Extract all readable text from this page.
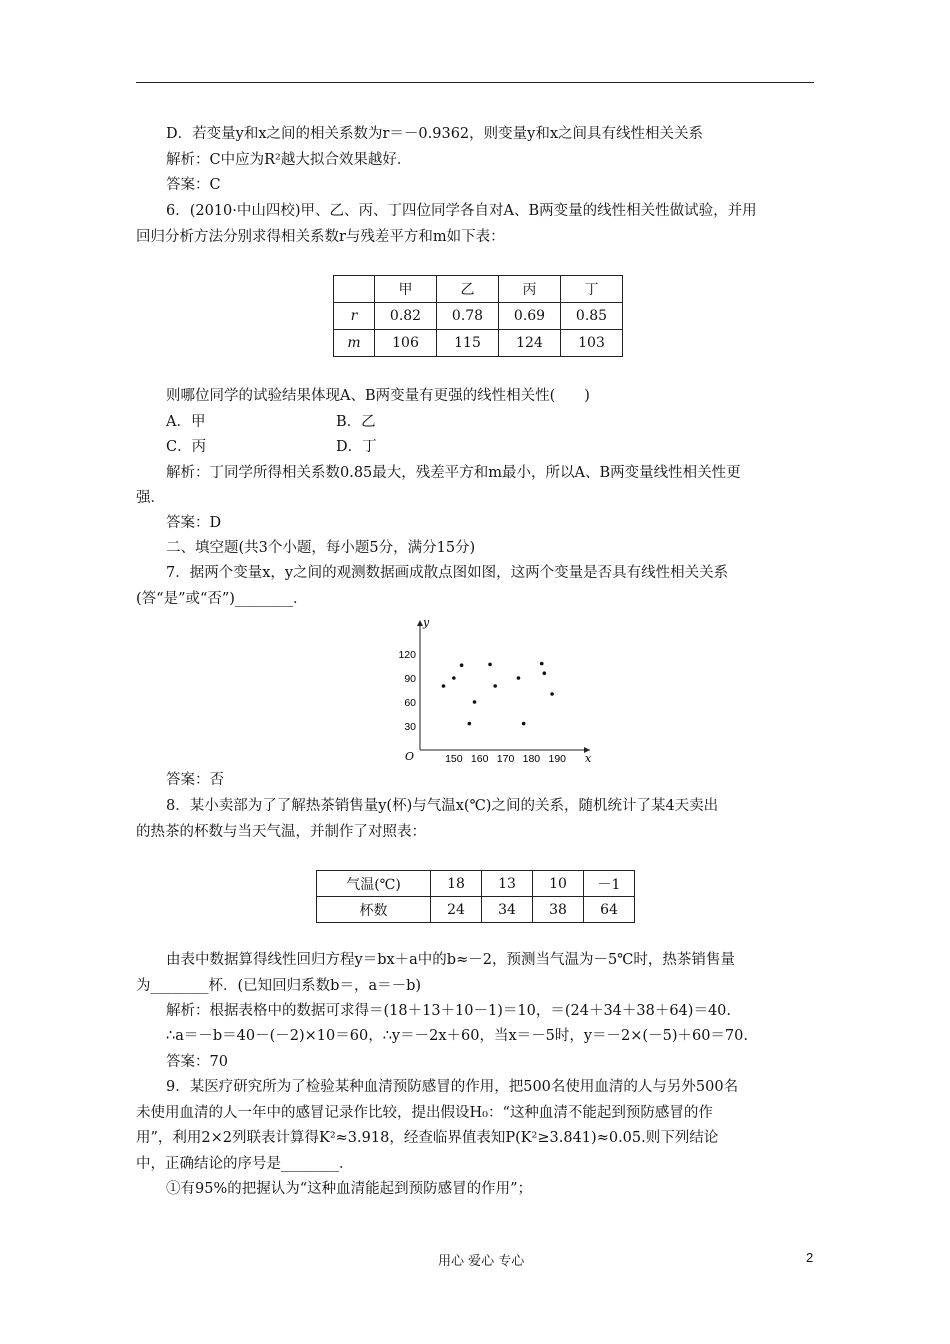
D．若变量y和x之间的相关系数为r＝－0.9362，则变量y和x之间具有线性相关关系
解析：C中应为R²越大拟合效果越好．
答案：C
6．(2010·中山四校)甲、乙、丙、丁四位同学各自对A、B两变量的线性相关性做试验，并用
回归分析方法分别求得相关系数r与残差平方和m如下表：
	甲	乙	丙	丁
r	0.82	0.78	0.69	0.85
m	106	115	124	103
则哪位同学的试验结果体现A、B两变量有更强的线性相关性(　　)
A．甲	B．乙
C．丙	D．丁
解析：丁同学所得相关系数0.85最大，残差平方和m最小，所以A、B两变量线性相关性更
强．
答案：D
二、填空题(共3个小题，每小题5分，满分15分)
7．据两个变量x，y之间的观测数据画成散点图如图，这两个变量是否具有线性相关关系
(答“是”或“否”)________．
O	x
y
150 160 170 180 190
30
60
90
120
答案：否
8．某小卖部为了了解热茶销售量y(杯)与气温x(℃)之间的关系，随机统计了某4天卖出
的热茶的杯数与当天气温，并制作了对照表：
气温(℃)	18	13	10	－1
杯数	24	34	38	64
由表中数据算得线性回归方程y＝bx＋a中的b≈－2，预测当气温为－5℃时，热茶销售量
为________杯．(已知回归系数b＝，a＝－b)
解析：根据表格中的数据可求得＝(18＋13＋10－1)＝10，＝(24＋34＋38＋64)＝40.
∴a＝－b＝40－(－2)×10＝60，∴y＝－2x＋60，当x＝－5时，y＝－2×(－5)＋60＝70.
答案：70
9．某医疗研究所为了检验某种血清预防感冒的作用，把500名使用血清的人与另外500名
未使用血清的人一年中的感冒记录作比较，提出假设H₀：“这种血清不能起到预防感冒的作
用”，利用2×2列联表计算得K²≈3.918，经查临界值表知P(K²≥3.841)≈0.05.则下列结论
中，正确结论的序号是________．
①有95%的把握认为“这种血清能起到预防感冒的作用”；
用心 爱心 专心	2
